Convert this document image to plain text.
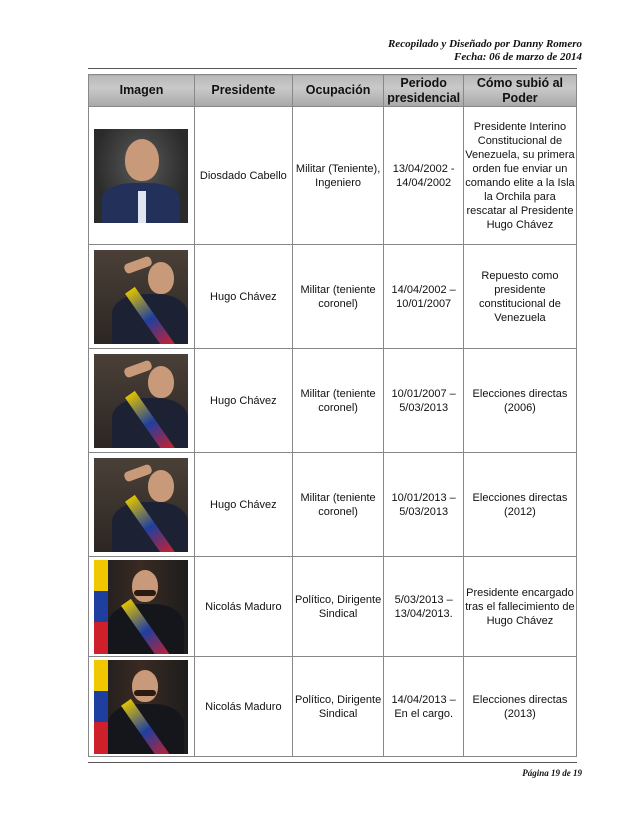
Recopilado y Diseñado por Danny Romero
Fecha: 06 de marzo de 2014
Imagen	Presidente	Ocupación	Periodo presidencial	Cómo subió al Poder

	Diosdado Cabello	Militar (Teniente), Ingeniero	13/04/2002 - 14/04/2002	Presidente Interino Constitucional de Venezuela, su primera orden fue enviar un comando elite a la Isla la Orchila para rescatar al Presidente Hugo Chávez

	Hugo Chávez	Militar (teniente coronel)	14/04/2002 – 10/01/2007	Repuesto como presidente constitucional de Venezuela

	Hugo Chávez	Militar (teniente coronel)	10/01/2007 – 5/03/2013	Elecciones directas (2006)

	Hugo Chávez	Militar (teniente coronel)	10/01/2013 – 5/03/2013	Elecciones directas (2012)

	Nicolás Maduro	Político, Dirigente Sindical	5/03/2013 – 13/04/2013.	Presidente encargado tras el fallecimiento de Hugo Chávez

	Nicolás Maduro	Político, Dirigente Sindical	14/04/2013 – En el cargo.	Elecciones directas (2013)
Página 19 de 19
